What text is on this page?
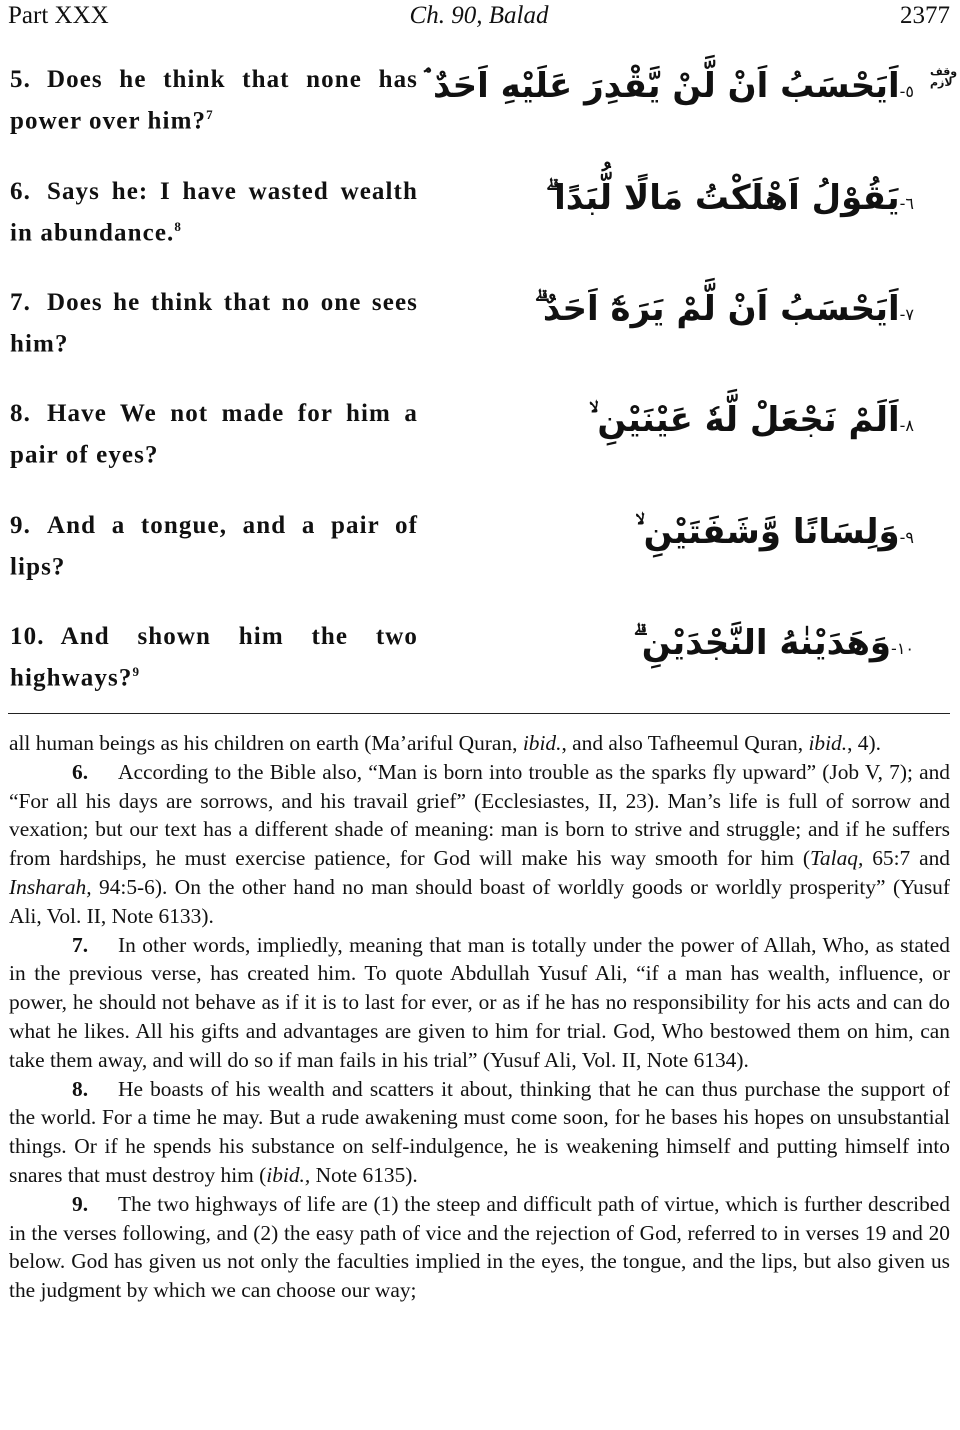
Part XXX	Ch. 90, Balad	2377
وقف لازم
5. Does he think that none has power over him?$^7$
٥-اَيَحْسَبُ اَنْ لَّنْ يَّقْدِرَ عَلَيْهِ اَحَدٌ ۘ
6. Says he: I have wasted wealth in abundance.$^8$
٦-يَقُوْلُ اَهْلَكْتُ مَالًا لُّبَدًا ۗ
7. Does he think that no one sees him?
٧-اَيَحْسَبُ اَنْ لَّمْ يَرَهٗٓ اَحَدٌ ۗ
8. Have We not made for him a pair of eyes?
٨-اَلَمْ نَجْعَلْ لَّهٗ عَيْنَيْنِ ۙ
9. And a tongue, and a pair of lips?
٩-وَلِسَانًا وَّشَفَتَيْنِ ۙ
10. And shown him the two highways?$^9$
١٠-وَهَدَيْنٰهُ النَّجْدَيْنِ ۗ

all human beings as his children on earth (Ma’ariful Quran, ibid., and also Tafheemul Quran, ibid., 4).

6. According to the Bible also, “Man is born into trouble as the sparks fly upward” (Job V, 7); and “For all his days are sorrows, and his travail grief” (Ecclesiastes, II, 23). Man’s life is full of sorrow and vexation; but our text has a different shade of meaning: man is born to strive and struggle; and if he suffers from hardships, he must exercise patience, for God will make his way smooth for him (Talaq, 65:7 and Insharah, 94:5-6). On the other hand no man should boast of worldly goods or worldly prosperity” (Yusuf Ali, Vol. II, Note 6133).

7. In other words, impliedly, meaning that man is totally under the power of Allah, Who, as stated in the previous verse, has created him. To quote Abdullah Yusuf Ali, “if a man has wealth, influence, or power, he should not behave as if it is to last for ever, or as if he has no responsibility for his acts and can do what he likes. All his gifts and advantages are given to him for trial. God, Who bestowed them on him, can take them away, and will do so if man fails in his trial” (Yusuf Ali, Vol. II, Note 6134).

8. He boasts of his wealth and scatters it about, thinking that he can thus purchase the support of the world. For a time he may. But a rude awakening must come soon, for he bases his hopes on unsubstantial things. Or if he spends his substance on self-indulgence, he is weakening himself and putting himself into snares that must destroy him (ibid., Note 6135).

9. The two highways of life are (1) the steep and difficult path of virtue, which is further described in the verses following, and (2) the easy path of vice and the rejection of God, referred to in verses 19 and 20 below. God has given us not only the faculties implied in the eyes, the tongue, and the lips, but also given us the judgment by which we can choose our way;
